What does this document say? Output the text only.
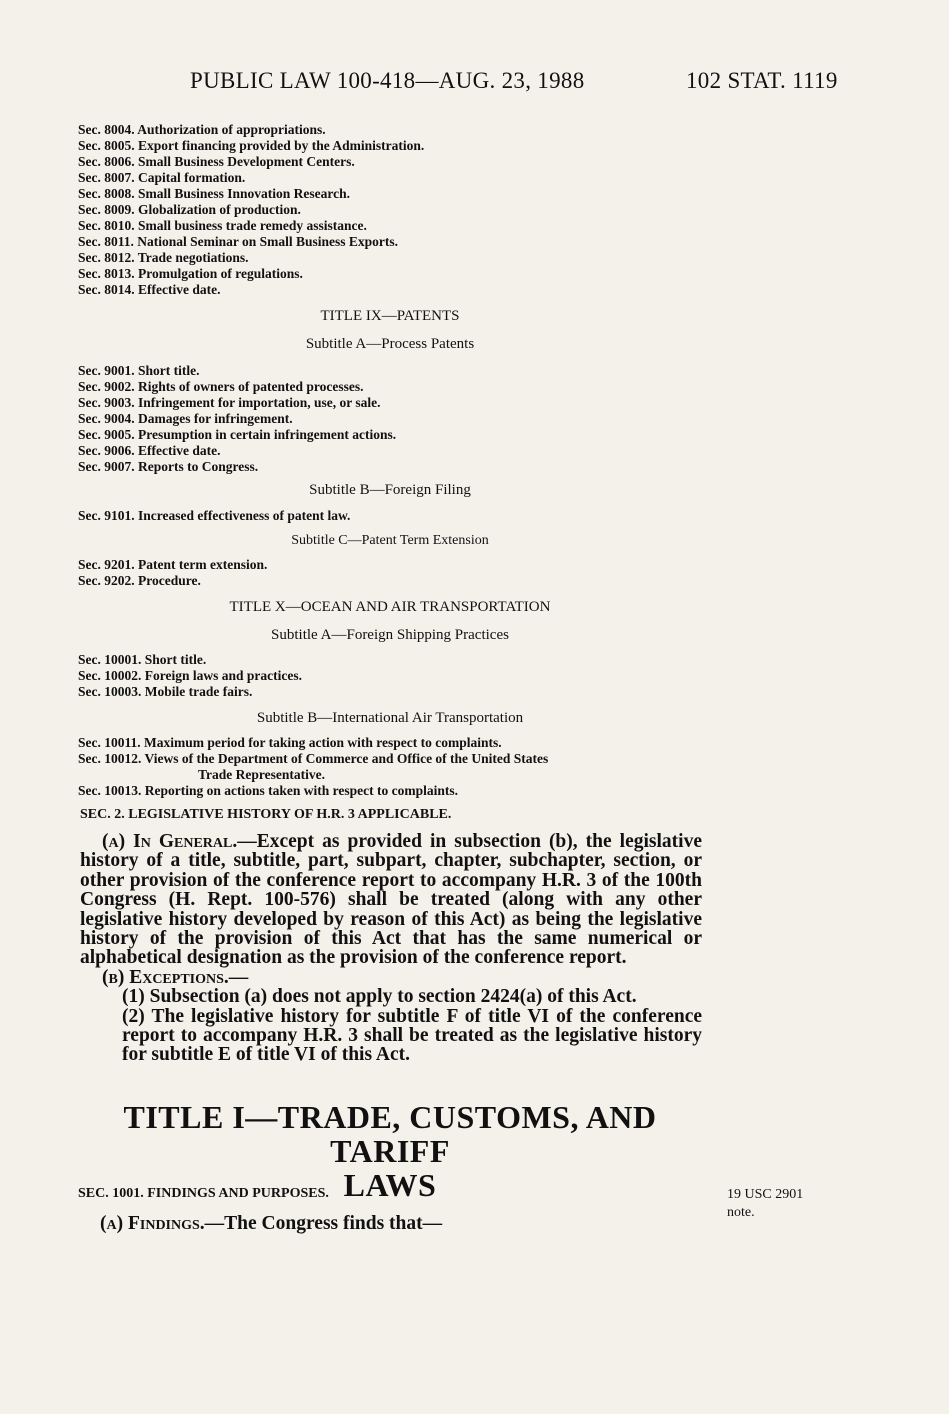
PUBLIC LAW 100-418—AUG. 23, 1988	102 STAT. 1119
Sec. 8004. Authorization of appropriations.
Sec. 8005. Export financing provided by the Administration.
Sec. 8006. Small Business Development Centers.
Sec. 8007. Capital formation.
Sec. 8008. Small Business Innovation Research.
Sec. 8009. Globalization of production.
Sec. 8010. Small business trade remedy assistance.
Sec. 8011. National Seminar on Small Business Exports.
Sec. 8012. Trade negotiations.
Sec. 8013. Promulgation of regulations.
Sec. 8014. Effective date.
TITLE IX—PATENTS
Subtitle A—Process Patents
Sec. 9001. Short title.
Sec. 9002. Rights of owners of patented processes.
Sec. 9003. Infringement for importation, use, or sale.
Sec. 9004. Damages for infringement.
Sec. 9005. Presumption in certain infringement actions.
Sec. 9006. Effective date.
Sec. 9007. Reports to Congress.
Subtitle B—Foreign Filing
Sec. 9101. Increased effectiveness of patent law.
Subtitle C—Patent Term Extension
Sec. 9201. Patent term extension.
Sec. 9202. Procedure.
TITLE X—OCEAN AND AIR TRANSPORTATION
Subtitle A—Foreign Shipping Practices
Sec. 10001. Short title.
Sec. 10002. Foreign laws and practices.
Sec. 10003. Mobile trade fairs.
Subtitle B—International Air Transportation
Sec. 10011. Maximum period for taking action with respect to complaints.
Sec. 10012. Views of the Department of Commerce and Office of the United States
Trade Representative.
Sec. 10013. Reporting on actions taken with respect to complaints.
SEC. 2. LEGISLATIVE HISTORY OF H.R. 3 APPLICABLE.

(a) In General.—Except as provided in subsection (b), the legislative history of a title, subtitle, part, subpart, chapter, subchapter, section, or other provision of the conference report to accompany H.R. 3 of the 100th Congress (H. Rept. 100-576) shall be treated (along with any other legislative history developed by reason of this Act) as being the legislative history of the provision of this Act that has the same numerical or alphabetical designation as the provision of the conference report.

(b) Exceptions.—

(1) Subsection (a) does not apply to section 2424(a) of this Act.

(2) The legislative history for subtitle F of title VI of the conference report to accompany H.R. 3 shall be treated as the legislative history for subtitle E of title VI of this Act.

TITLE I—TRADE, CUSTOMS, AND TARIFF
LAWS
SEC. 1001. FINDINGS AND PURPOSES.
(a) Findings.—The Congress finds that—
19 USC 2901
note.
